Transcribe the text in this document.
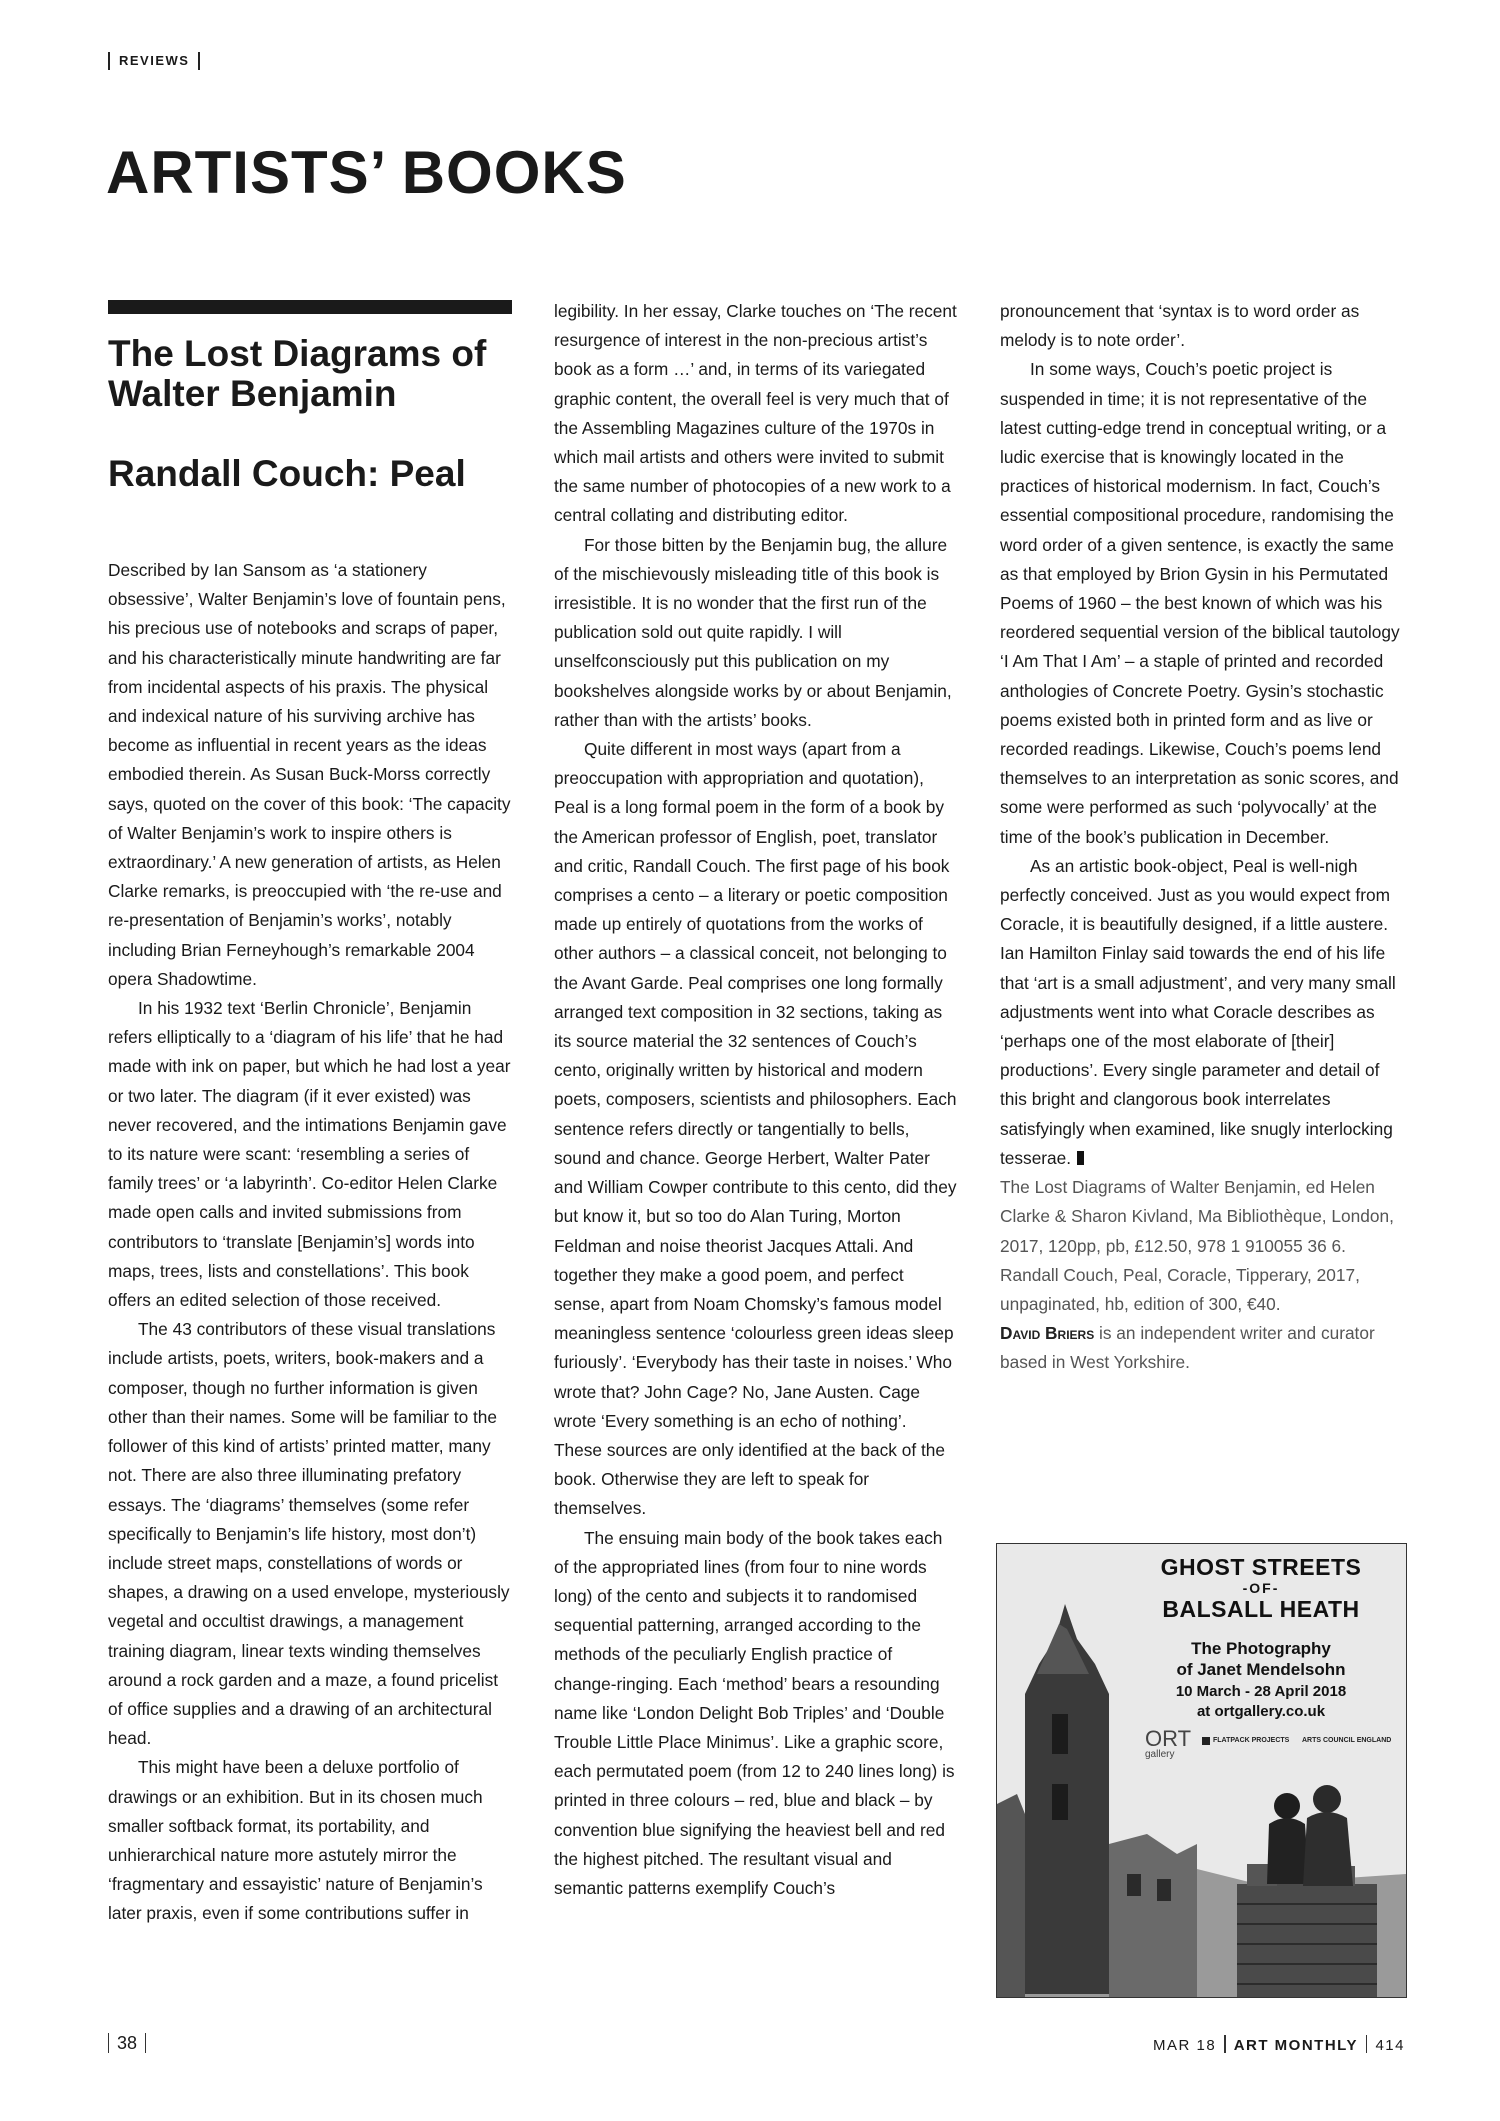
REVIEWS
ARTISTS’ BOOKS
The Lost Diagrams of Walter Benjamin
Randall Couch: Peal

Described by Ian Sansom as ‘a stationery obsessive’, Walter Benjamin’s love of fountain pens, his precious use of notebooks and scraps of paper, and his characteristically minute handwriting are far from incidental aspects of his praxis. The physical and indexical nature of his surviving archive has become as influential in recent years as the ideas embodied therein. As Susan Buck-Morss correctly says, quoted on the cover of this book: ‘The capacity of Walter Benjamin’s work to inspire others is extraordinary.’ A new generation of artists, as Helen Clarke remarks, is preoccupied with ‘the re-use and re-presentation of Benjamin’s works’, notably including Brian Ferneyhough’s remarkable 2004 opera Shadowtime.

In his 1932 text ‘Berlin Chronicle’, Benjamin refers elliptically to a ‘diagram of his life’ that he had made with ink on paper, but which he had lost a year or two later. The diagram (if it ever existed) was never recovered, and the intimations Benjamin gave to its nature were scant: ‘resembling a series of family trees’ or ‘a labyrinth’. Co-editor Helen Clarke made open calls and invited submissions from contributors to ‘translate [Benjamin’s] words into maps, trees, lists and constellations’. This book offers an edited selection of those received.

The 43 contributors of these visual translations include artists, poets, writers, book-makers and a composer, though no further information is given other than their names. Some will be familiar to the follower of this kind of artists’ printed matter, many not. There are also three illuminating prefatory essays. The ‘diagrams’ themselves (some refer specifically to Benjamin’s life history, most don’t) include street maps, constellations of words or shapes, a drawing on a used envelope, mysteriously vegetal and occultist drawings, a management training diagram, linear texts winding themselves around a rock garden and a maze, a found pricelist of office supplies and a drawing of an architectural head.

This might have been a deluxe portfolio of drawings or an exhibition. But in its chosen much smaller softback format, its portability, and unhierarchical nature more astutely mirror the ‘fragmentary and essayistic’ nature of Benjamin’s later praxis, even if some contributions suffer in

legibility. In her essay, Clarke touches on ‘The recent resurgence of interest in the non-precious artist’s book as a form …’ and, in terms of its variegated graphic content, the overall feel is very much that of the Assembling Magazines culture of the 1970s in which mail artists and others were invited to submit the same number of photocopies of a new work to a central collating and distributing editor.

For those bitten by the Benjamin bug, the allure of the mischievously misleading title of this book is irresistible. It is no wonder that the first run of the publication sold out quite rapidly. I will unselfconsciously put this publication on my bookshelves alongside works by or about Benjamin, rather than with the artists’ books.

Quite different in most ways (apart from a preoccupation with appropriation and quotation), Peal is a long formal poem in the form of a book by the American professor of English, poet, translator and critic, Randall Couch. The first page of his book comprises a cento – a literary or poetic composition made up entirely of quotations from the works of other authors – a classical conceit, not belonging to the Avant Garde. Peal comprises one long formally arranged text composition in 32 sections, taking as its source material the 32 sentences of Couch’s cento, originally written by historical and modern poets, composers, scientists and philosophers. Each sentence refers directly or tangentially to bells, sound and chance. George Herbert, Walter Pater and William Cowper contribute to this cento, did they but know it, but so too do Alan Turing, Morton Feldman and noise theorist Jacques Attali. And together they make a good poem, and perfect sense, apart from Noam Chomsky’s famous model meaningless sentence ‘colourless green ideas sleep furiously’. ‘Everybody has their taste in noises.’ Who wrote that? John Cage? No, Jane Austen. Cage wrote ‘Every something is an echo of nothing’. These sources are only identified at the back of the book. Otherwise they are left to speak for themselves.

The ensuing main body of the book takes each of the appropriated lines (from four to nine words long) of the cento and subjects it to randomised sequential patterning, arranged according to the methods of the peculiarly English practice of change-ringing. Each ‘method’ bears a resounding name like ‘London Delight Bob Triples’ and ‘Double Trouble Little Place Minimus’. Like a graphic score, each permutated poem (from 12 to 240 lines long) is printed in three colours – red, blue and black – by convention blue signifying the heaviest bell and red the highest pitched. The resultant visual and semantic patterns exemplify Couch’s

pronouncement that ‘syntax is to word order as melody is to note order’.

In some ways, Couch’s poetic project is suspended in time; it is not representative of the latest cutting-edge trend in conceptual writing, or a ludic exercise that is knowingly located in the practices of historical modernism. In fact, Couch’s essential compositional procedure, randomising the word order of a given sentence, is exactly the same as that employed by Brion Gysin in his Permutated Poems of 1960 – the best known of which was his reordered sequential version of the biblical tautology ‘I Am That I Am’ – a staple of printed and recorded anthologies of Concrete Poetry. Gysin’s stochastic poems existed both in printed form and as live or recorded readings. Likewise, Couch’s poems lend themselves to an interpretation as sonic scores, and some were performed as such ‘polyvocally’ at the time of the book’s publication in December.

As an artistic book-object, Peal is well-nigh perfectly conceived. Just as you would expect from Coracle, it is beautifully designed, if a little austere. Ian Hamilton Finlay said towards the end of his life that ‘art is a small adjustment’, and very many small adjustments went into what Coracle describes as ‘perhaps one of the most elaborate of [their] productions’. Every single parameter and detail of this bright and clangorous book interrelates satisfyingly when examined, like snugly interlocking tesserae.

The Lost Diagrams of Walter Benjamin, ed Helen Clarke & Sharon Kivland, Ma Bibliothèque, London, 2017, 120pp, pb, £12.50, 978 1 910055 36 6.

Randall Couch, Peal, Coracle, Tipperary, 2017, unpaginated, hb, edition of 300, €40.

David Briers is an independent writer and curator based in West Yorkshire.

GHOST STREETS
-OF-
BALSALL HEATH
The Photography
of Janet Mendelsohn
10 March - 28 April 2018
at ortgallery.co.uk
ORT
gallery
FLATPACK PROJECTS ARTS COUNCIL ENGLAND
38	MAR 18 ART MONTHLY 414
